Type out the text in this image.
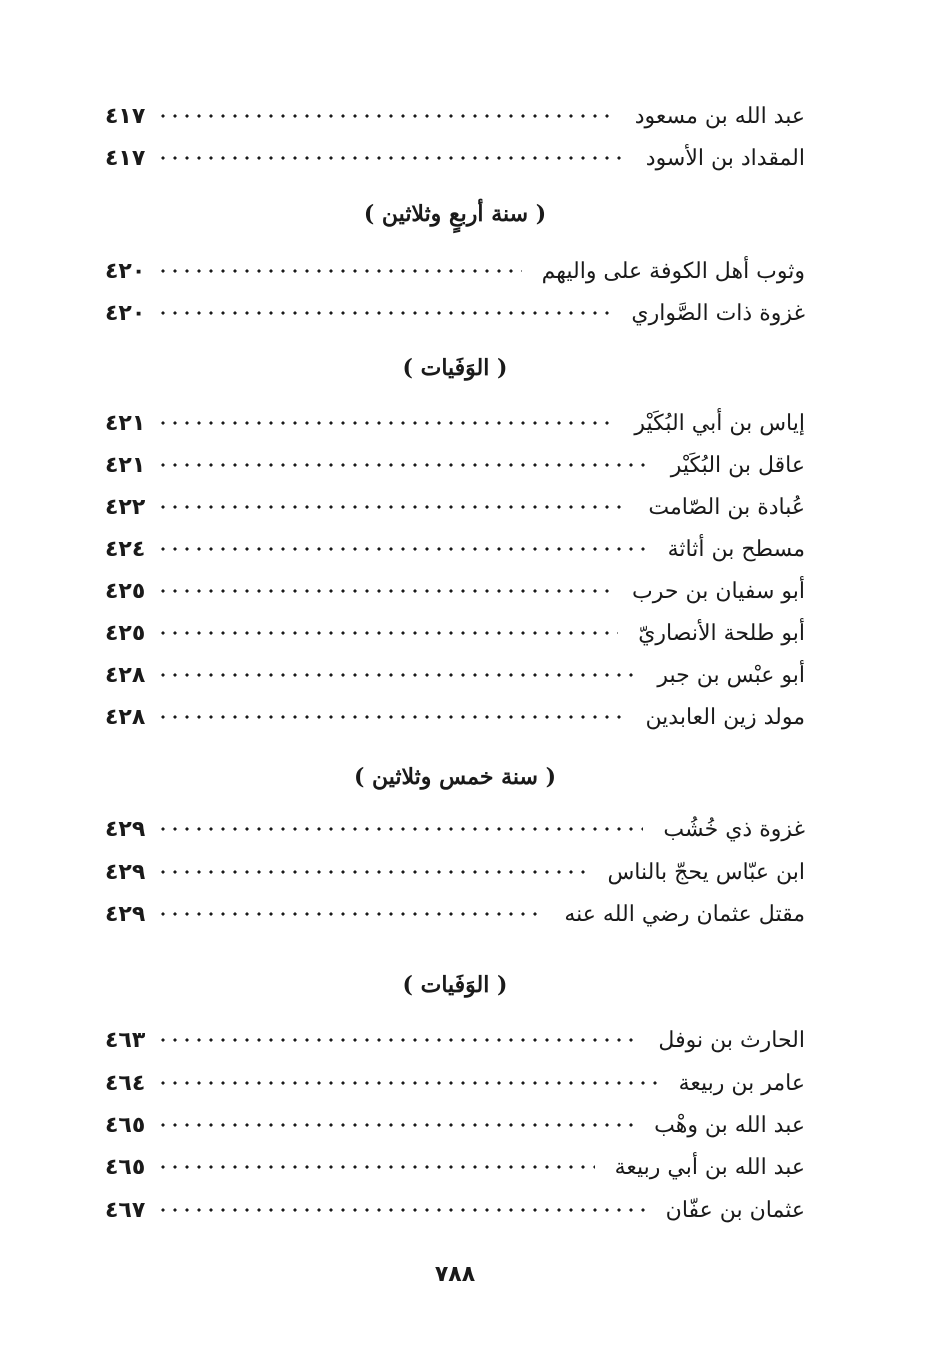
عبد الله بن مسعود
٤١٧
المقداد بن الأسود
٤١٧
( سنة أربعٍ وثلاثين )
وثوب أهل الكوفة على واليهم
٤٢٠
غزوة ذات الصَّواري
٤٢٠
( الوَفَيات )
إياس بن أبي البُكَيْر
٤٢١
عاقل بن البُكَيْر
٤٢١
عُبادة بن الصّامت
٤٢٢
مسطح بن أثاثة
٤٢٤
أبو سفيان بن حرب
٤٢٥
أبو طلحة الأنصاريّ
٤٢٥
أبو عبْس بن جبر
٤٢٨
مولد زين العابدين
٤٢٨
( سنة خمس وثلاثين )
غزوة ذي خُشُب
٤٢٩
ابن عبّاس يحجّ بالناس
٤٢٩
مقتل عثمان رضي الله عنه
٤٢٩
( الوَفَيات )
الحارث بن نوفل
٤٦٣
عامر بن ربيعة
٤٦٤
عبد الله بن وهْب
٤٦٥
عبد الله بن أبي ربيعة
٤٦٥
عثمان بن عفّان
٤٦٧
٧٨٨
